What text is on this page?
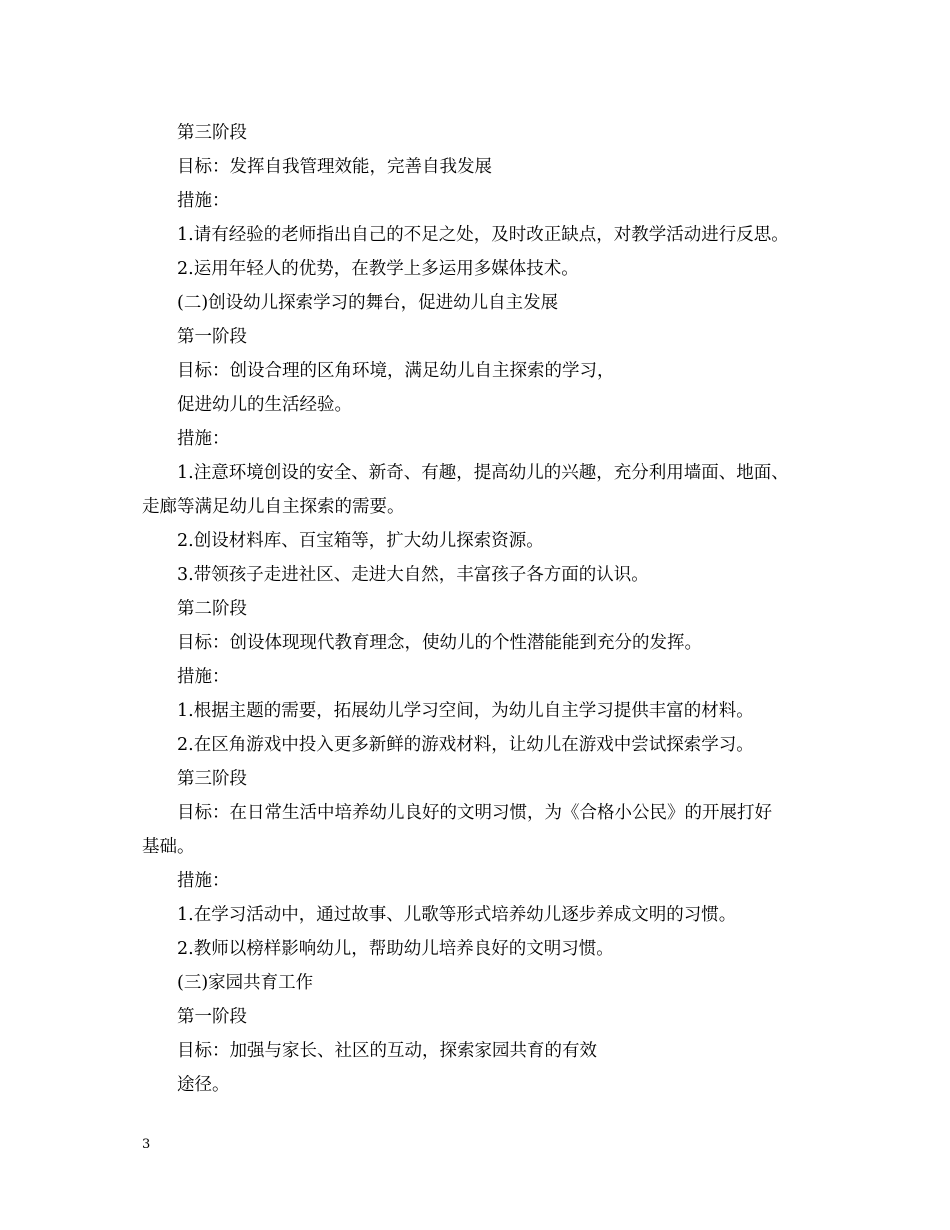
第三阶段
目标：发挥自我管理效能，完善自我发展
措施：
1.请有经验的老师指出自己的不足之处，及时改正缺点，对教学活动进行反思。
2.运用年轻人的优势，在教学上多运用多媒体技术。
(二)创设幼儿探索学习的舞台，促进幼儿自主发展
第一阶段
目标：创设合理的区角环境，满足幼儿自主探索的学习，
促进幼儿的生活经验。
措施：
1.注意环境创设的安全、新奇、有趣，提高幼儿的兴趣，充分利用墙面、地面、
走廊等满足幼儿自主探索的需要。
2.创设材料库、百宝箱等，扩大幼儿探索资源。
3.带领孩子走进社区、走进大自然，丰富孩子各方面的认识。
第二阶段
目标：创设体现现代教育理念，使幼儿的个性潜能能到充分的发挥。
措施：
1.根据主题的需要，拓展幼儿学习空间，为幼儿自主学习提供丰富的材料。
2.在区角游戏中投入更多新鲜的游戏材料，让幼儿在游戏中尝试探索学习。
第三阶段
目标：在日常生活中培养幼儿良好的文明习惯，为《合格小公民》的开展打好
基础。
措施：
1.在学习活动中，通过故事、儿歌等形式培养幼儿逐步养成文明的习惯。
2.教师以榜样影响幼儿，帮助幼儿培养良好的文明习惯。
(三)家园共育工作
第一阶段
目标：加强与家长、社区的互动，探索家园共育的有效
途径。
3
